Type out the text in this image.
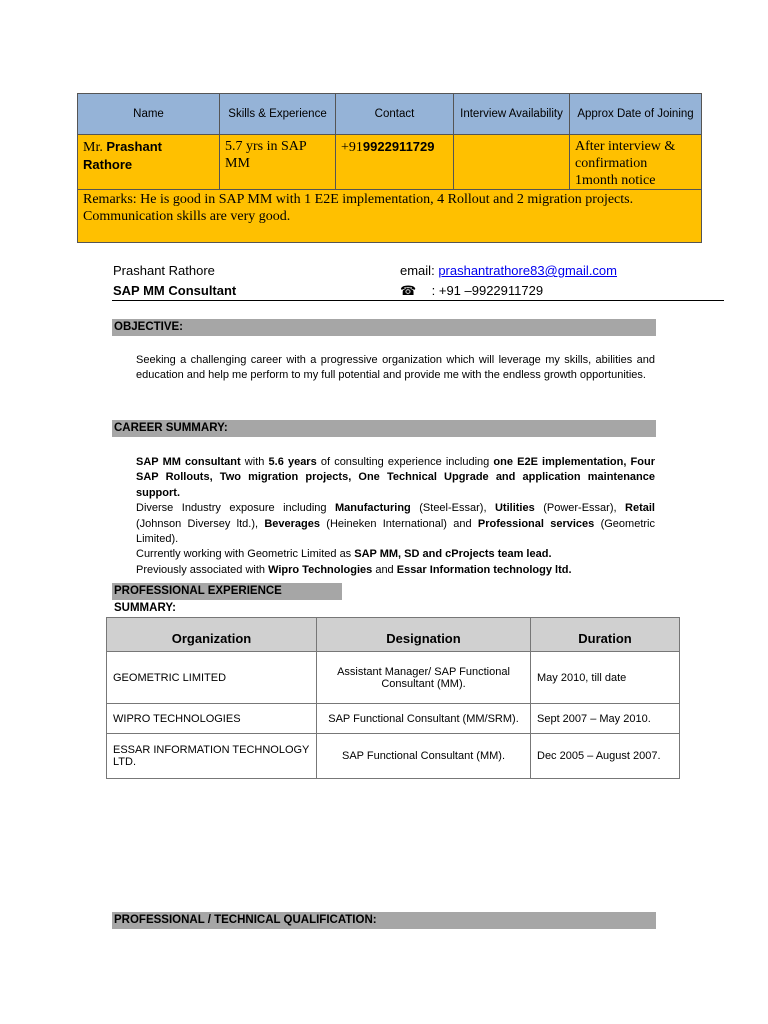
Name	Skills & Experience	Contact	Interview Availability	Approx Date of Joining
Mr. Prashant Rathore	5.7 yrs in SAP MM	+919922911729		After interview &
confirmation
1month notice

Remarks: He is good in SAP MM with 1 E2E implementation, 4 Rollout and 2 migration projects. Communication skills are very good.				
Prashant Rathore
SAP MM Consultant
email: prashantrathore83@gmail.com
☎ : +91 –9922911729
OBJECTIVE:
Seeking a challenging career with a progressive organization which will leverage my skills, abilities and education and help me perform to my full potential and provide me with the endless growth opportunities.
CAREER SUMMARY:

SAP MM consultant with 5.6 years of consulting experience including one E2E implementation, Four SAP Rollouts, Two migration projects, One Technical Upgrade and application maintenance support.

Diverse Industry exposure including Manufacturing (Steel-Essar), Utilities (Power-Essar), Retail (Johnson Diversey ltd.), Beverages (Heineken International) and Professional services (Geometric Limited).

Currently working with Geometric Limited as SAP MM, SD and cProjects team lead.

Previously associated with Wipro Technologies and Essar Information technology ltd.

PROFESSIONAL EXPERIENCE SUMMARY:
Organization	Designation	Duration
GEOMETRIC LIMITED	Assistant Manager/ SAP Functional Consultant (MM).	May 2010, till date
WIPRO TECHNOLOGIES	SAP Functional Consultant (MM/SRM).	Sept 2007 – May 2010.
ESSAR INFORMATION TECHNOLOGY LTD.	SAP Functional Consultant (MM).	Dec 2005 – August 2007.
PROFESSIONAL / TECHNICAL QUALIFICATION:
